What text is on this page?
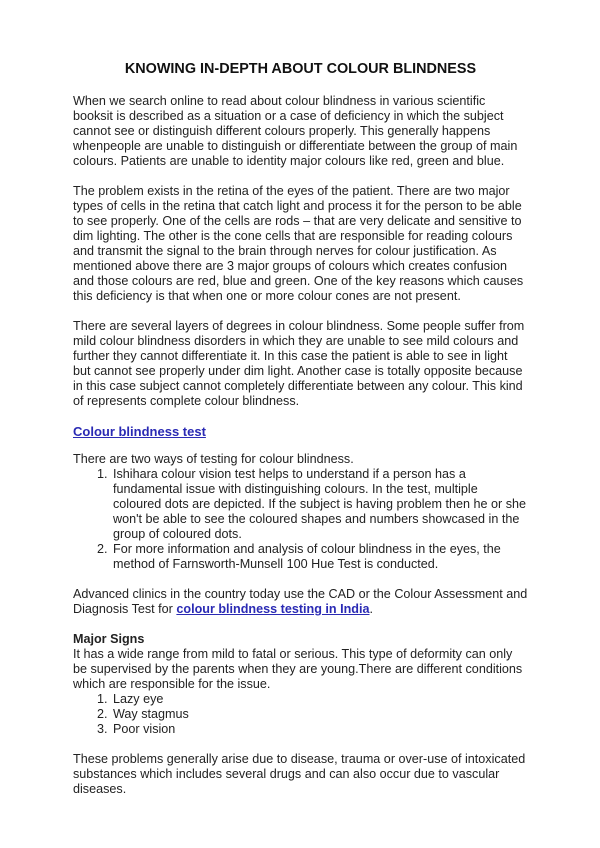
KNOWING IN-DEPTH ABOUT COLOUR BLINDNESS

When we search online to read about colour blindness in various scientific booksit is described as a situation or a case of deficiency in which the subject cannot see or distinguish different colours properly. This generally happens whenpeople are unable to distinguish or differentiate between the group of main colours. Patients are unable to identity major colours like red, green and blue.

The problem exists in the retina of the eyes of the patient. There are two major types of cells in the retina that catch light and process it for the person to be able to see properly. One of the cells are rods – that are very delicate and sensitive to dim lighting. The other is the cone cells that are responsible for reading colours and transmit the signal to the brain through nerves for colour justification. As mentioned above there are 3 major groups of colours which creates confusion and those colours are red, blue and green. One of the key reasons which causes this deficiency is that when one or more colour cones are not present.

There are several layers of degrees in colour blindness. Some people suffer from mild colour blindness disorders in which they are unable to see mild colours and further they cannot differentiate it. In this case the patient is able to see in light but cannot see properly under dim light. Another case is totally opposite because in this case subject cannot completely differentiate between any colour. This kind of represents complete colour blindness.

Colour blindness test

There are two ways of testing for colour blindness.

1. Ishihara colour vision test helps to understand if a person has a fundamental issue with distinguishing colours. In the test, multiple coloured dots are depicted. If the subject is having problem then he or she won't be able to see the coloured shapes and numbers showcased in the group of coloured dots.
2. For more information and analysis of colour blindness in the eyes, the method of Farnsworth-Munsell 100 Hue Test is conducted.

Advanced clinics in the country today use the CAD or the Colour Assessment and Diagnosis Test for colour blindness testing in India.

Major Signs

It has a wide range from mild to fatal or serious. This type of deformity can only be supervised by the parents when they are young.There are different conditions which are responsible for the issue.

1. Lazy eye
2. Way stagmus
3. Poor vision

These problems generally arise due to disease, trauma or over-use of intoxicated substances which includes several drugs and can also occur due to vascular diseases.
